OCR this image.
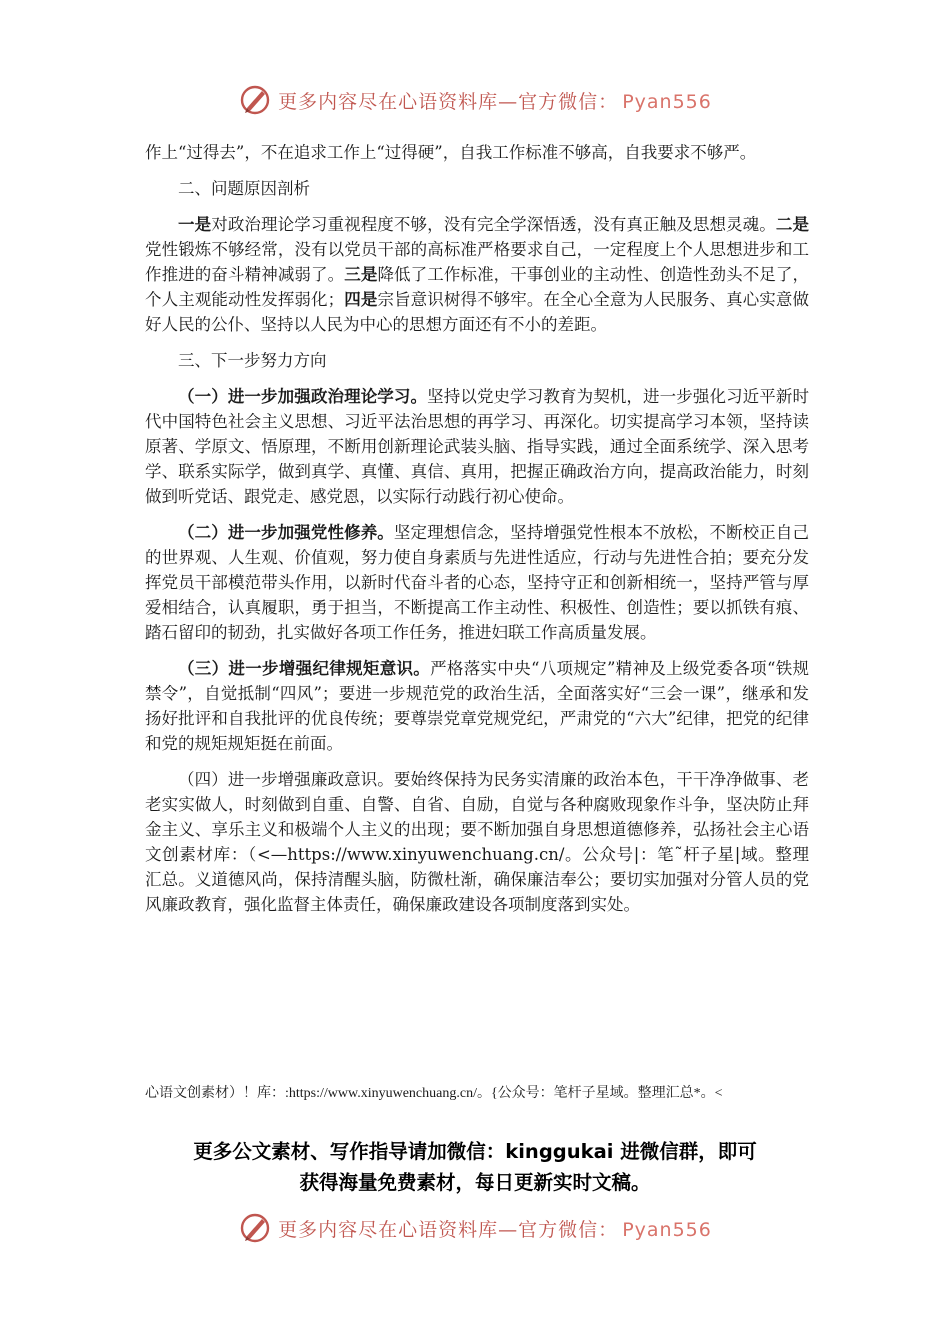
更多内容尽在心语资料库—官方微信： Pyan556

作上“过得去”，不在追求工作上“过得硬”，自我工作标准不够高，自我要求不够严。

二、问题原因剖析

一是对政治理论学习重视程度不够，没有完全学深悟透，没有真正触及思想灵魂。二是党性锻炼不够经常，没有以党员干部的高标准严格要求自己，一定程度上个人思想进步和工作推进的奋斗精神减弱了。三是降低了工作标准，干事创业的主动性、创造性劲头不足了，个人主观能动性发挥弱化；四是宗旨意识树得不够牢。在全心全意为人民服务、真心实意做好人民的公仆、坚持以人民为中心的思想方面还有不小的差距。

三、下一步努力方向

（一）进一步加强政治理论学习。坚持以党史学习教育为契机，进一步强化习近平新时代中国特色社会主义思想、习近平法治思想的再学习、再深化。切实提高学习本领，坚持读原著、学原文、悟原理，不断用创新理论武装头脑、指导实践，通过全面系统学、深入思考学、联系实际学，做到真学、真懂、真信、真用，把握正确政治方向，提高政治能力，时刻做到听党话、跟党走、感党恩，以实际行动践行初心使命。

（二）进一步加强党性修养。坚定理想信念，坚持增强党性根本不放松，不断校正自己的世界观、人生观、价值观，努力使自身素质与先进性适应，行动与先进性合拍；要充分发挥党员干部模范带头作用，以新时代奋斗者的心态，坚持守正和创新相统一，坚持严管与厚爱相结合，认真履职，勇于担当，不断提高工作主动性、积极性、创造性；要以抓铁有痕、踏石留印的韧劲，扎实做好各项工作任务，推进妇联工作高质量发展。

（三）进一步增强纪律规矩意识。严格落实中央“八项规定”精神及上级党委各项“铁规禁令”，自觉抵制“四风”；要进一步规范党的政治生活，全面落实好“三会一课”，继承和发扬好批评和自我批评的优良传统；要尊崇党章党规党纪，严肃党的“六大”纪律，把党的纪律和党的规矩规矩挺在前面。

（四）进一步增强廉政意识。要始终保持为民务实清廉的政治本色，干干净净做事、老老实实做人，时刻做到自重、自警、自省、自励，自觉与各种腐败现象作斗争，坚决防止拜金主义、享乐主义和极端个人主义的出现；要不断加强自身思想道德修养，弘扬社会主心语文创素材库：（<—https://www.xinyuwenchuang.cn/。公众号|：笔˜杆子星|域。整理汇总。义道德风尚，保持清醒头脑，防微杜渐，确保廉洁奉公；要切实加强对分管人员的党风廉政教育，强化监督主体责任，确保廉政建设各项制度落到实处。

心语文创素材）！库：:https://www.xinyuwenchuang.cn/。{公众号：笔杆子星域。整理汇总*。<
更多公文素材、写作指导请加微信：kinggukai 进微信群，即可
获得海量免费素材，每日更新实时文稿。
更多内容尽在心语资料库—官方微信： Pyan556
